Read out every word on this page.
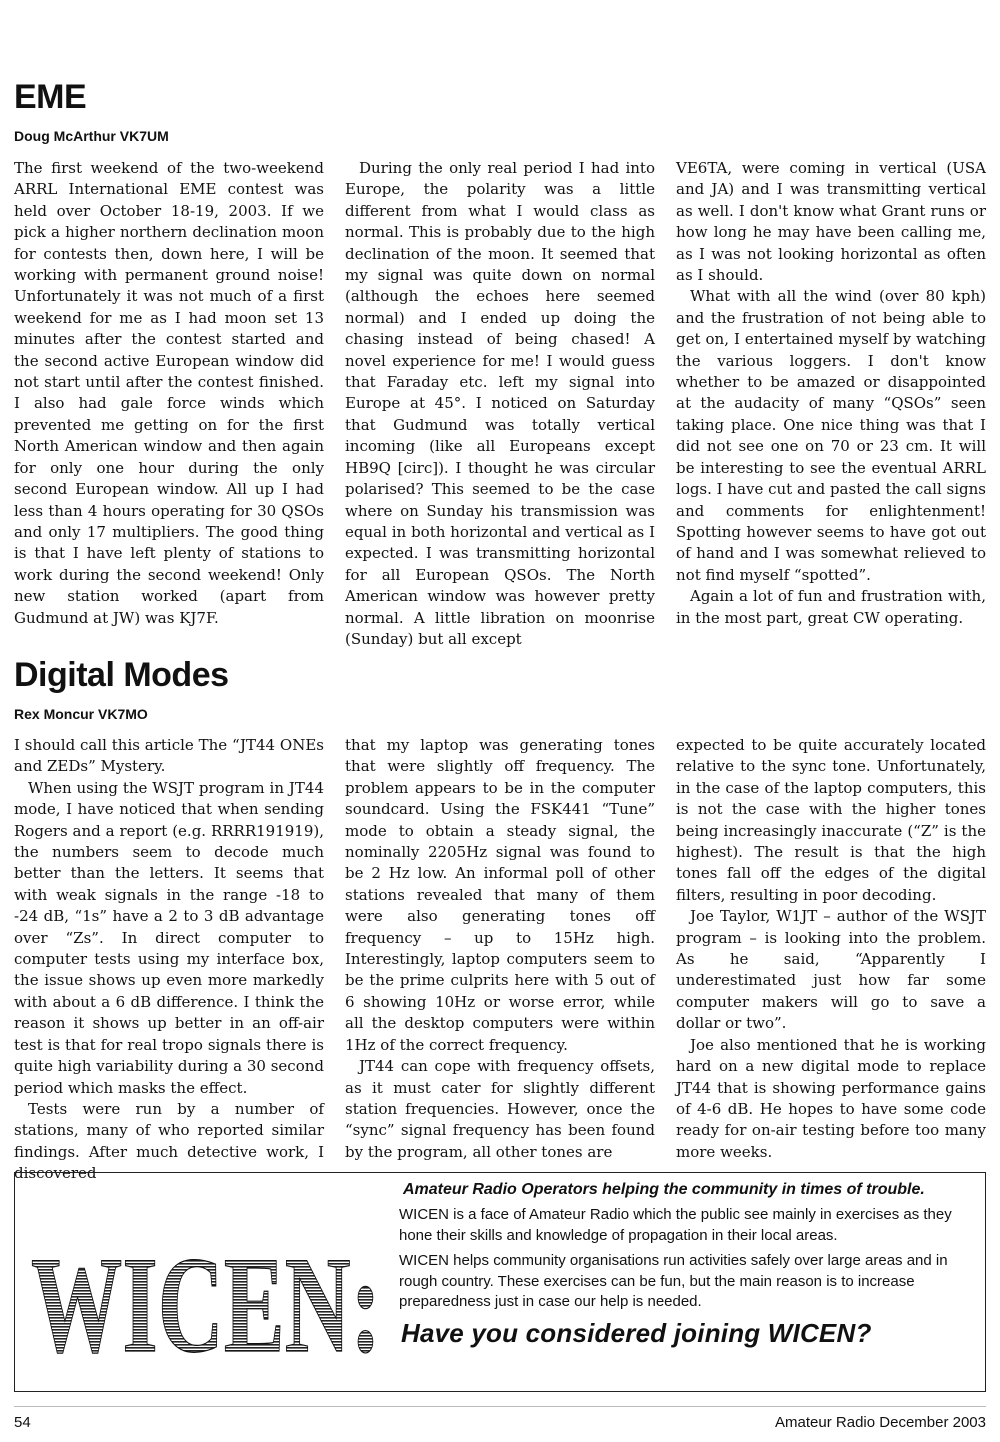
EME
Doug McArthur VK7UM

The first weekend of the two-weekend ARRL International EME contest was held over October 18-19, 2003. If we pick a higher northern declination moon for contests then, down here, I will be working with permanent ground noise! Unfortunately it was not much of a first weekend for me as I had moon set 13 minutes after the contest started and the second active European window did not start until after the contest finished. I also had gale force winds which prevented me getting on for the first North American window and then again for only one hour during the only second European window. All up I had less than 4 hours operating for 30 QSOs and only 17 multipliers. The good thing is that I have left plenty of stations to work during the second weekend! Only new station worked (apart from Gudmund at JW) was KJ7F.

During the only real period I had into Europe, the polarity was a little different from what I would class as normal. This is probably due to the high declination of the moon. It seemed that my signal was quite down on normal (although the echoes here seemed normal) and I ended up doing the chasing instead of being chased! A novel experience for me! I would guess that Faraday etc. left my signal into Europe at 45°. I noticed on Saturday that Gudmund was totally vertical incoming (like all Europeans except HB9Q [circ]). I thought he was circular polarised? This seemed to be the case where on Sunday his transmission was equal in both horizontal and vertical as I expected. I was transmitting horizontal for all European QSOs. The North American window was however pretty normal. A little libration on moonrise (Sunday) but all except

VE6TA, were coming in vertical (USA and JA) and I was transmitting vertical as well. I don't know what Grant runs or how long he may have been calling me, as I was not looking horizontal as often as I should.

What with all the wind (over 80 kph) and the frustration of not being able to get on, I entertained myself by watching the various loggers. I don't know whether to be amazed or disappointed at the audacity of many “QSOs” seen taking place. One nice thing was that I did not see one on 70 or 23 cm. It will be interesting to see the eventual ARRL logs. I have cut and pasted the call signs and comments for enlightenment! Spotting however seems to have got out of hand and I was somewhat relieved to not find myself “spotted”.

Again a lot of fun and frustration with, in the most part, great CW operating.

Digital Modes
Rex Moncur VK7MO

I should call this article The “JT44 ONEs and ZEDs” Mystery.

When using the WSJT program in JT44 mode, I have noticed that when sending Rogers and a report (e.g. RRRR191919), the numbers seem to decode much better than the letters. It seems that with weak signals in the range -18 to -24 dB, “1s” have a 2 to 3 dB advantage over “Zs”. In direct computer to computer tests using my interface box, the issue shows up even more markedly with about a 6 dB difference. I think the reason it shows up better in an off-air test is that for real tropo signals there is quite high variability during a 30 second period which masks the effect.

Tests were run by a number of stations, many of who reported similar findings. After much detective work, I discovered

that my laptop was generating tones that were slightly off frequency. The problem appears to be in the computer soundcard. Using the FSK441 “Tune” mode to obtain a steady signal, the nominally 2205Hz signal was found to be 2 Hz low. An informal poll of other stations revealed that many of them were also generating tones off frequency – up to 15Hz high. Interestingly, laptop computers seem to be the prime culprits here with 5 out of 6 showing 10Hz or worse error, while all the desktop computers were within 1Hz of the correct frequency.

JT44 can cope with frequency offsets, as it must cater for slightly different station frequencies. However, once the “sync” signal frequency has been found by the program, all other tones are

expected to be quite accurately located relative to the sync tone. Unfortunately, in the case of the laptop computers, this is not the case with the higher tones being increasingly inaccurate (“Z” is the highest). The result is that the high tones fall off the edges of the digital filters, resulting in poor decoding.

Joe Taylor, W1JT – author of the WSJT program – is looking into the problem. As he said, “Apparently I underestimated just how far some computer makers will go to save a dollar or two”.

Joe also mentioned that he is working hard on a new digital mode to replace JT44 that is showing performance gains of 4-6 dB. He hopes to have some code ready for on-air testing before too many more weeks.

WICEN:

Amateur Radio Operators helping the community in times of trouble.

WICEN is a face of Amateur Radio which the public see mainly in exercises as they hone their skills and knowledge of propagation in their local areas.

WICEN helps community organisations run activities safely over large areas and in rough country. These exercises can be fun, but the main reason is to increase preparedness just in case our help is needed.

Have you considered joining WICEN?

54	Amateur Radio December 2003
